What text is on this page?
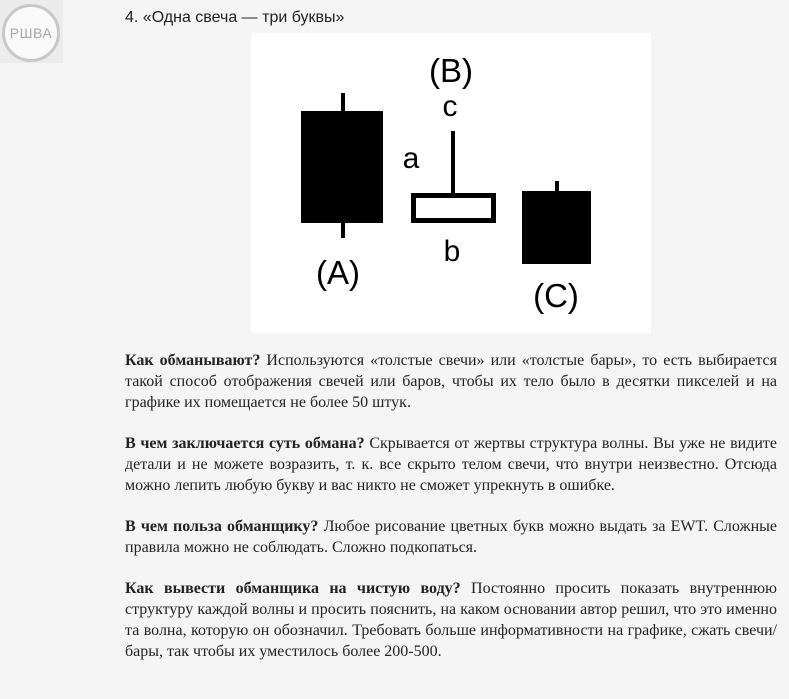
РШВА
4. «Одна свеча — три буквы»
(B)
c
a
b
(A)
(C)

Как обманывают? Используются «толстые свечи» или «толстые бары», то есть выбирается такой способ отображения свечей или баров, чтобы их тело было в десятки пикселей и на графике их помещается не более 50 штук.

В чем заключается суть обмана? Скрывается от жертвы структура волны. Вы уже не видите детали и не можете возразить, т. к. все скрыто телом свечи, что внутри неизвестно. Отсюда можно лепить любую букву и вас никто не сможет упрекнуть в ошибке.

В чем польза обманщику? Любое рисование цветных букв можно выдать за EWT. Сложные правила можно не соблюдать. Сложно подкопаться.

Как вывести обманщика на чистую воду? Постоянно просить показать внутреннюю структуру каждой волны и просить пояснить, на каком основании автор решил, что это именно та волна, которую он обозначил. Требовать больше информативности на графике, сжать свечи/бары, так чтобы их уместилось более 200-500.
